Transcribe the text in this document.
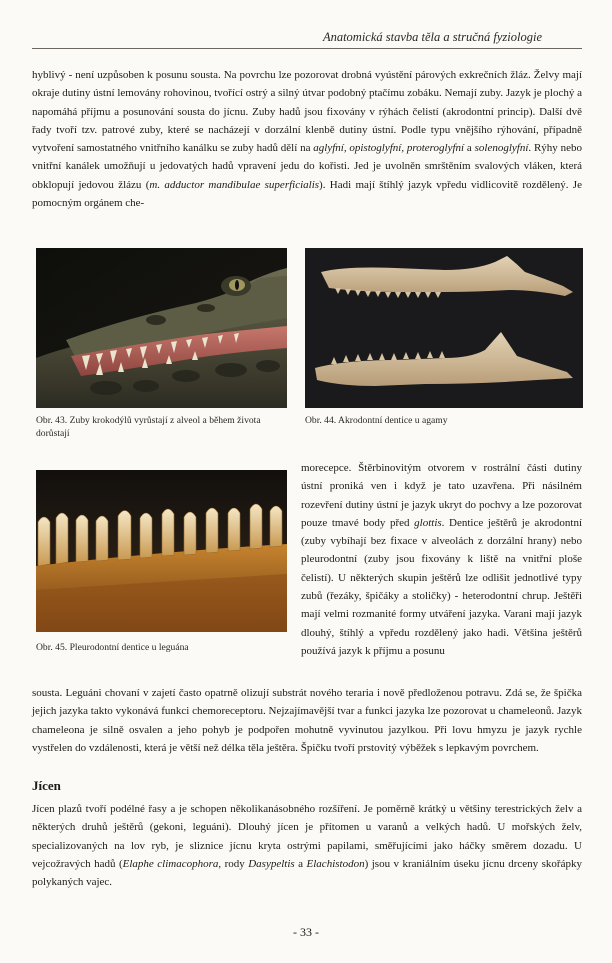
Anatomická stavba těla a stručná fyziologie

hyblivý - není uzpůsoben k posunu sousta. Na povrchu lze pozorovat drobná vyústění párových exkrečních žláz. Želvy mají okraje dutiny ústní lemovány rohovinou, tvořící ostrý a silný útvar podobný ptačímu zobáku. Nemají zuby. Jazyk je plochý a napomáhá příjmu a posunování sousta do jícnu. Zuby hadů jsou fixovány v rýhách čelistí (akrodontní princip). Další dvě řady tvoří tzv. patrové zuby, které se nacházejí v dorzální klenbě dutiny ústní. Podle typu vnějšího rýhování, případně vytvoření samostatného vnitřního kanálku se zuby hadů dělí na aglyfní, opistoglyfní, proteroglyfní a solenoglyfní. Rýhy nebo vnitřní kanálek umožňují u jedovatých hadů vpravení jedu do kořisti. Jed je uvolněn smrštěním svalových vláken, která obklopují jedovou žlázu (m. adductor mandibulae superficialis). Hadi mají štíhlý jazyk vpředu vidlicovitě rozdělený. Je pomocným orgánem che-

Obr. 43. Zuby krokodýlů vyrůstají z alveol a během života dorůstají
Obr. 44. Akrodontní dentice u agamy
Obr. 45. Pleurodontní dentice u leguána

morecepce. Štěrbinovitým otvorem v rostrální části dutiny ústní proniká ven i když je tato uzavřena. Při násilném rozevření dutiny ústní je jazyk ukryt do pochvy a lze pozorovat pouze tmavé body před glottis. Dentice ještěrů je akrodontní (zuby vybíhají bez fixace v alveolách z dorzální hrany) nebo pleurodontní (zuby jsou fixovány k liště na vnitřní ploše čelistí). U některých skupin ještěrů lze odlišit jednotlivé typy zubů (řezáky, špičáky a stoličky) - heterodontní chrup. Ještěři mají velmi rozmanité formy utváření jazyka. Varani mají jazyk dlouhý, štíhlý a vpředu rozdělený jako hadi. Většina ještěrů používá jazyk k příjmu a posunu

sousta. Leguáni chovaní v zajetí často opatrně olizují substrát nového teraria i nově předloženou potravu. Zdá se, že špička jejich jazyka takto vykonává funkci chemoreceptoru. Nejzajímavější tvar a funkci jazyka lze pozorovat u chameleonů. Jazyk chameleona je silně osvalen a jeho pohyb je podpořen mohutně vyvinutou jazylkou. Při lovu hmyzu je jazyk rychle vystřelen do vzdálenosti, která je větší než délka těla ještěra. Špičku tvoří prstovitý výběžek s lepkavým povrchem.

Jícen

Jícen plazů tvoří podélné řasy a je schopen několikanásobného rozšíření. Je poměrně krátký u většiny terestrických želv a některých druhů ještěrů (gekoni, leguáni). Dlouhý jícen je přítomen u varanů a velkých hadů. U mořských želv, specializovaných na lov ryb, je sliznice jícnu kryta ostrými papilami, směřujícími jako háčky směrem dozadu. U vejcožravých hadů (Elaphe climacophora, rody Dasypeltis a Elachistodon) jsou v kraniálním úseku jícnu drceny skořápky polykaných vajec.

- 33 -
